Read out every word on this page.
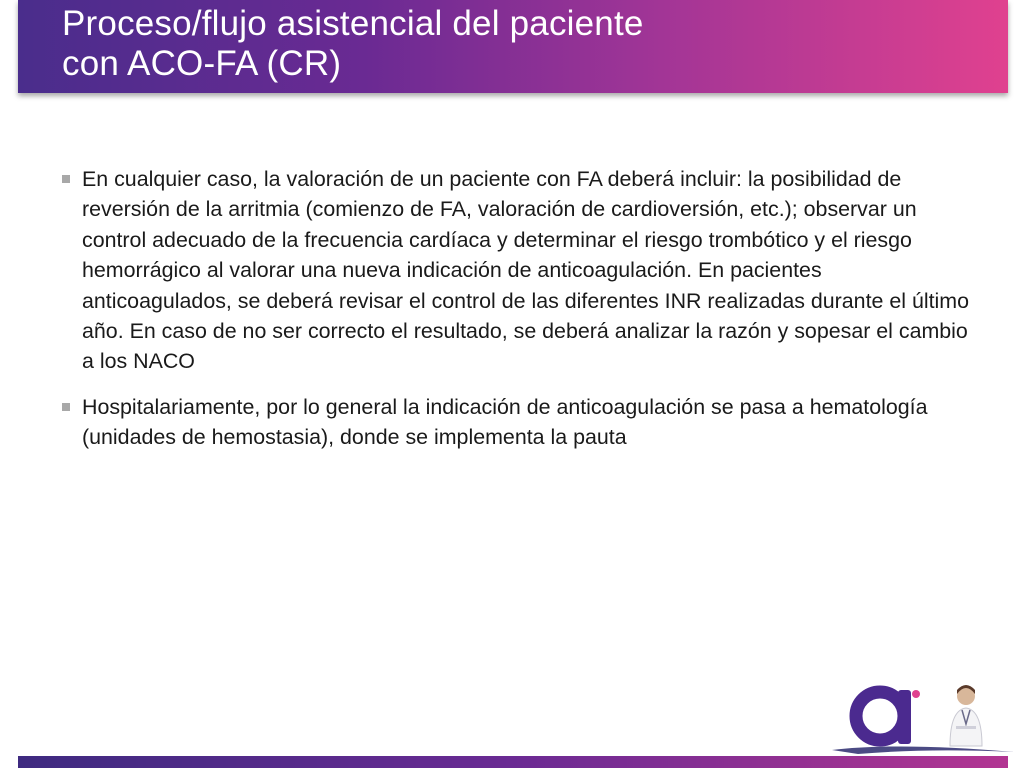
Proceso/flujo asistencial del paciente
con ACO-FA (CR)
En cualquier caso, la valoración de un paciente con FA deberá incluir: la posibilidad de reversión de la arritmia (comienzo de FA, valoración de cardioversión, etc.); observar un control adecuado de la frecuencia cardíaca y determinar el riesgo trombótico y el riesgo hemorrágico al valorar una nueva indicación de anticoagulación. En pacientes anticoagulados, se deberá revisar el control de las diferentes INR realizadas durante el último año. En caso de no ser correcto el resultado, se deberá analizar la razón y sopesar el cambio a los NACO
Hospitalariamente, por lo general la indicación de anticoagulación se pasa a hematología (unidades de hemostasia), donde se implementa la pauta
